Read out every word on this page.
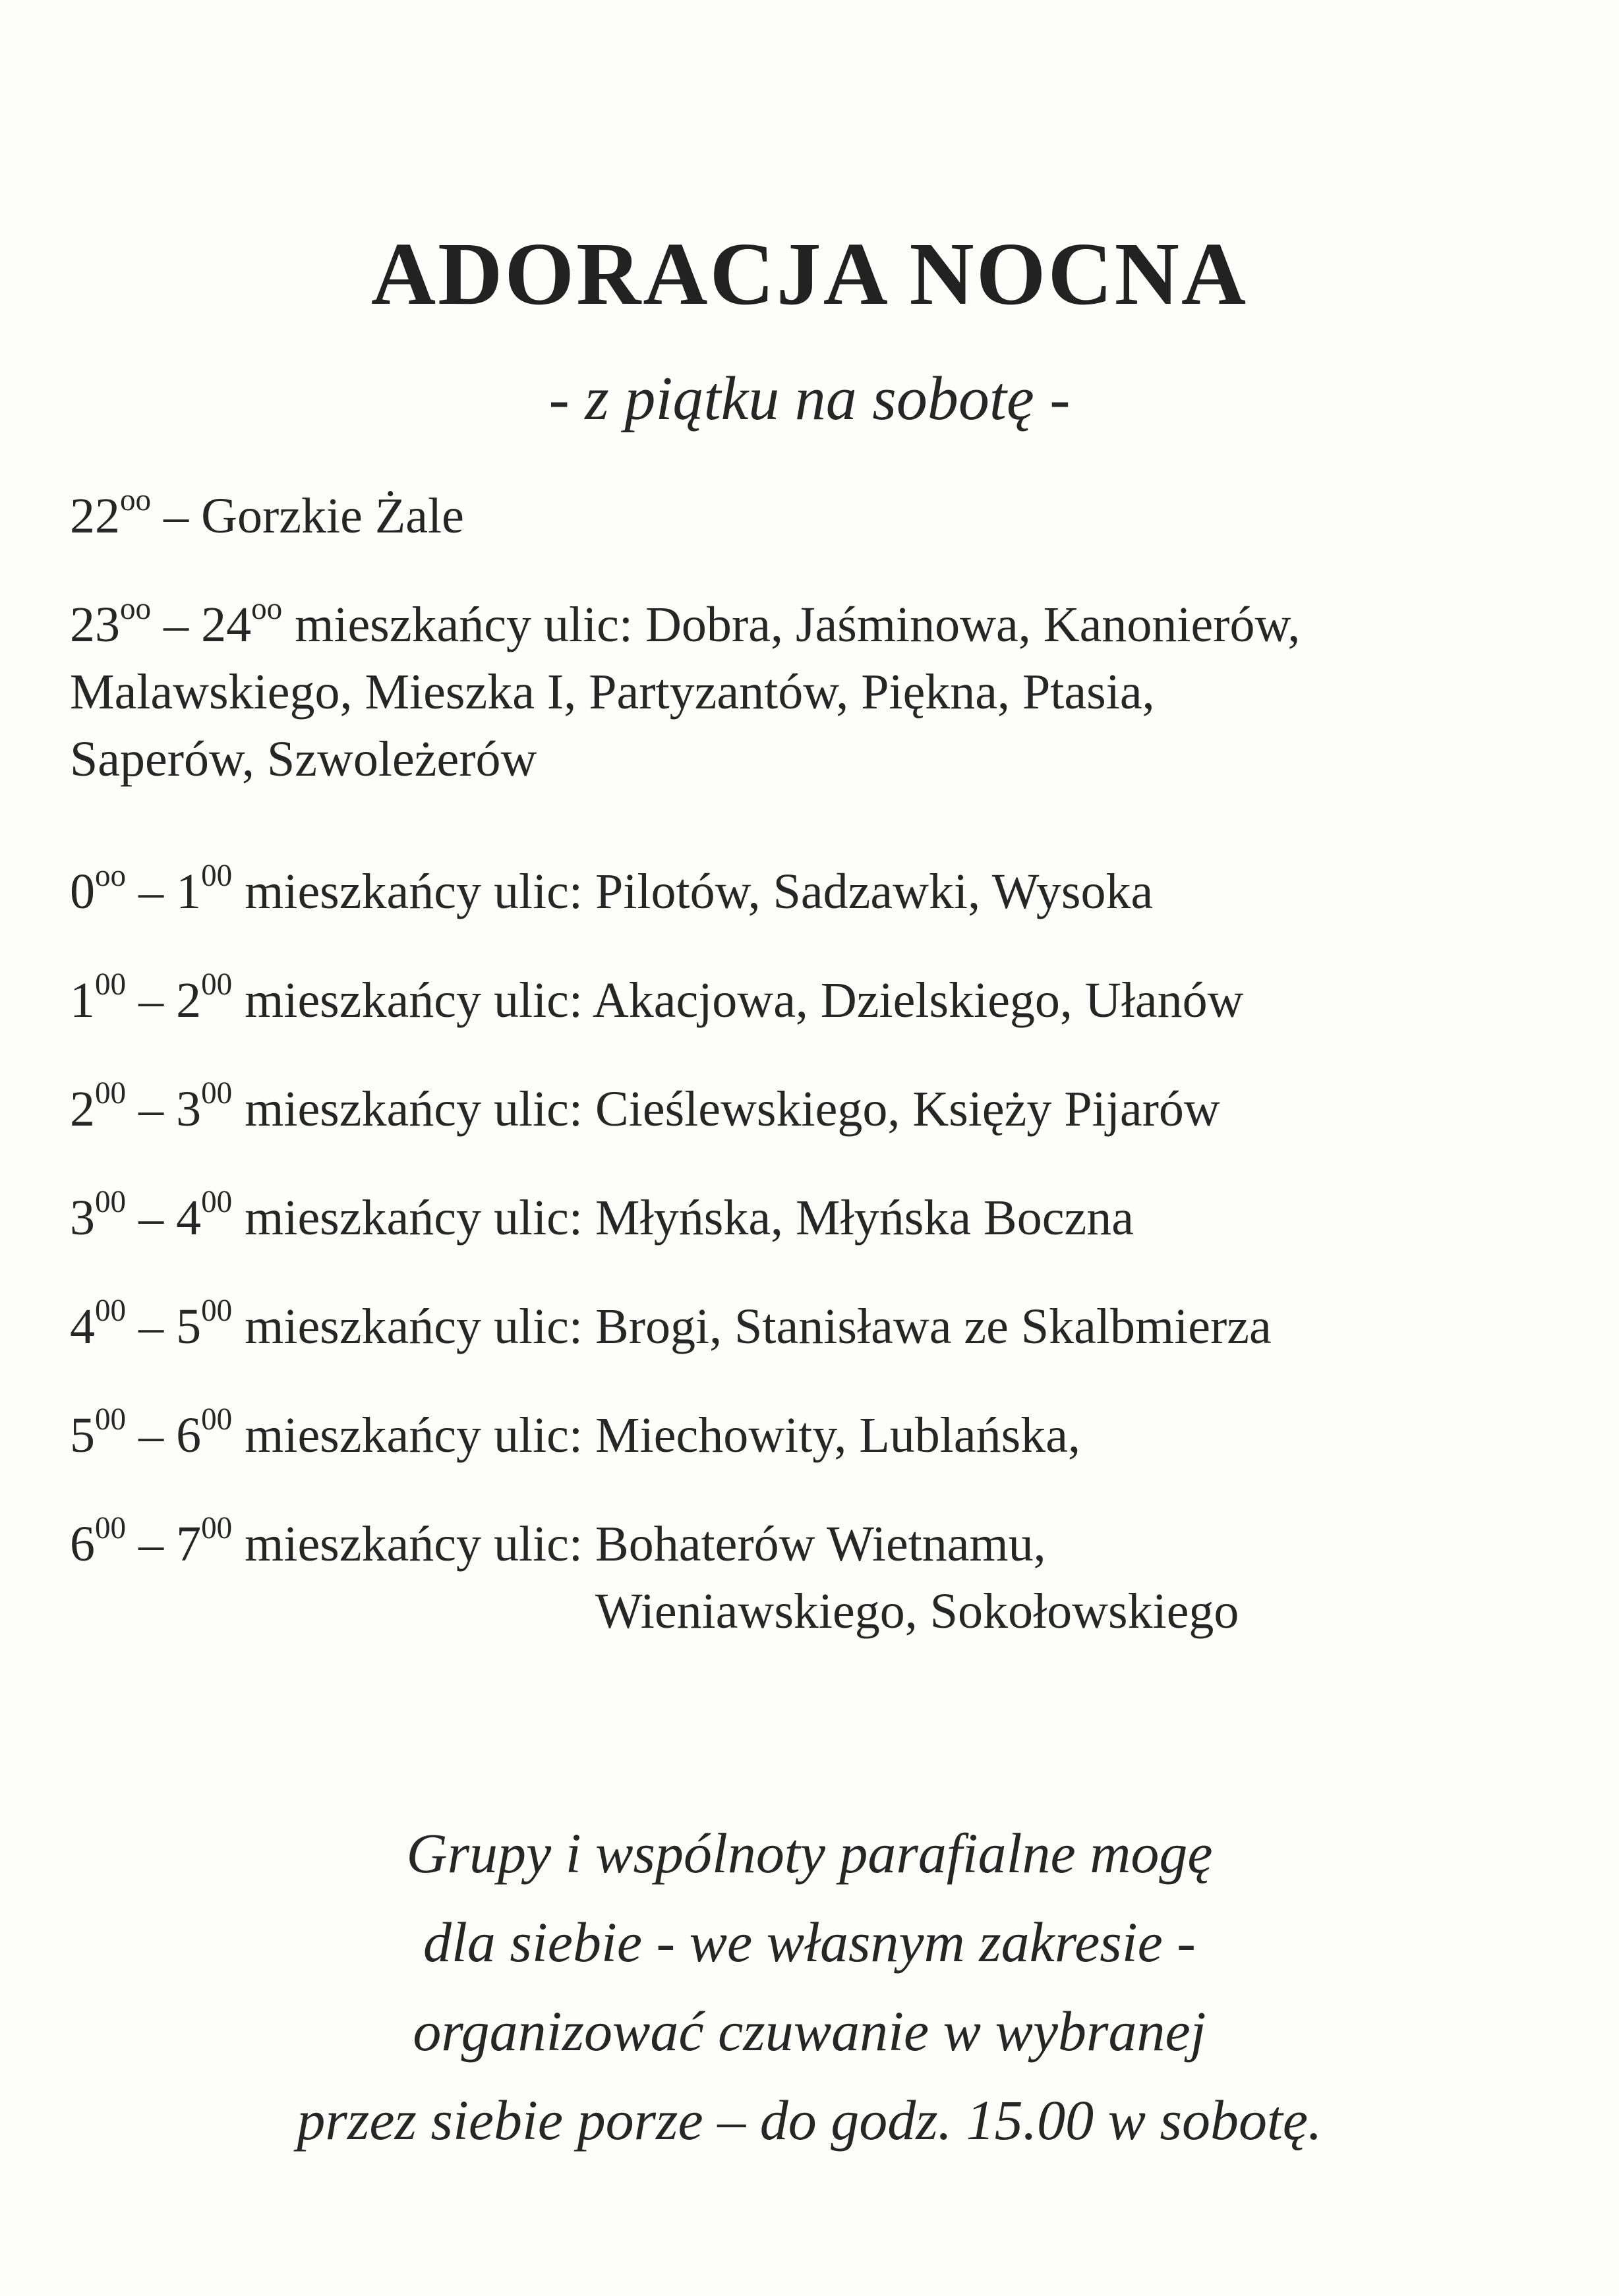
ADORACJA NOCNA
- z piątku na sobotę -
$22^{oo}$ – Gorzkie Żale
$23^{oo} - 24^{oo}$ mieszkańcy ulic: Dobra, Jaśminowa, Kanonierów,
Malawskiego, Mieszka I, Partyzantów, Piękna, Ptasia,
Saperów, Szwoleżerów
$0^{oo} - 1^{00}$ mieszkańcy ulic: Pilotów, Sadzawki, Wysoka
$1^{00} - 2^{00}$ mieszkańcy ulic: Akacjowa, Dzielskiego, Ułanów
$2^{00} - 3^{00}$ mieszkańcy ulic: Cieślewskiego, Księży Pijarów
$3^{00} - 4^{00}$ mieszkańcy ulic: Młyńska, Młyńska Boczna
$4^{00} - 5^{00}$ mieszkańcy ulic: Brogi, Stanisława ze Skalbmierza
$5^{00} - 6^{00}$ mieszkańcy ulic: Miechowity, Lublańska,
$6^{00} - 7^{00}$ mieszkańcy ulic: Bohaterów Wietnamu,
Wieniawskiego, Sokołowskiego
Grupy i wspólnoty parafialne mogę
dla siebie - we własnym zakresie -
organizować czuwanie w wybranej
przez siebie porze – do godz. 15.00 w sobotę.
